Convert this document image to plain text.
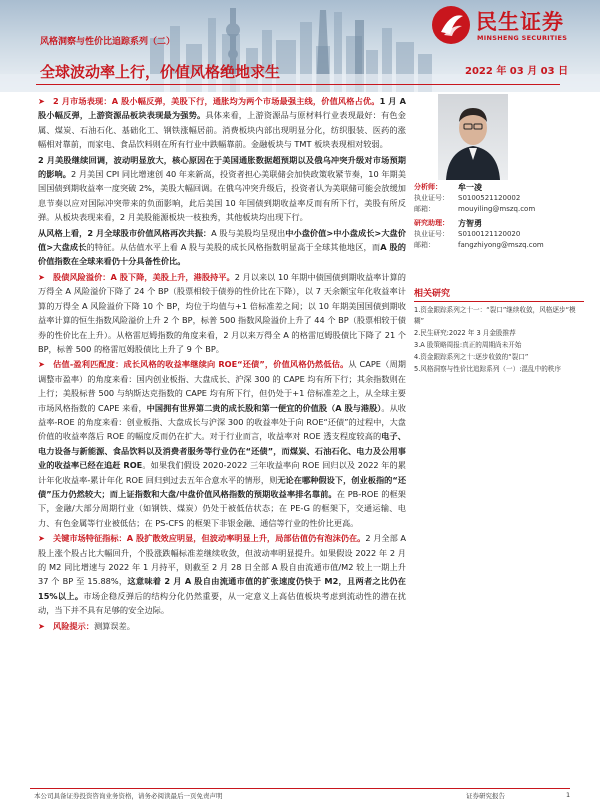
民生证券
MINSHENG SECURITIES
风格洞察与性价比追踪系列（二）
全球波动率上行，价值风格绝地求生	2022 年 03 月 03 日

➤ 2 月市场表现：A 股小幅反弹，美股下行，通胀均为两个市场最强主线，价值风格占优。1 月 A 股小幅反弹，上游资源品板块表现最为强势。具体来看，上游资源品与原材料行业表现最好：有色金属、煤炭、石油石化、基础化工、钢铁涨幅居前。消费板块内部出现明显分化，纺织服装、医药的涨幅相对靠前，而家电、食品饮料则在所有行业中跌幅靠前。金融板块与 TMT 板块表现相对较弱。

2 月美股继续回调，波动明显放大，核心原因在于美国通胀数据超预期以及俄乌冲突升级对市场预期的影响。2 月美国 CPI 同比增速创 40 年来新高，投资者担心美联储会加快政策收紧节奏，10 年期美国国债到期收益率一度突破 2%，美股大幅回调。在俄乌冲突升级后，投资者认为美联储可能会放缓加息节奏以应对国际冲突带来的负面影响，此后美国 10 年国债到期收益率反而有所下行，美股有所反弹。从板块表现来看，2 月美股能源板块一枝独秀，其他板块均出现下行。

从风格上看，2 月全球股市价值风格再次共振：A 股与美股均呈现出中小盘价值>中小盘成长>大盘价值>大盘成长的特征。从估值水平上看 A 股与美股的成长风格指数明显高于全球其他地区，而A 股的价值指数在全球来看仍十分具备性价比。

➤ 股债风险溢价：A 股下降，美股上升，港股持平。2 月以来以 10 年期中债国债到期收益率计算的万得全 A 风险溢价下降了 24 个 BP（股票相较于债券的性价比在下降），以 7 天余额宝年化收益率计算的万得全 A 风险溢价下降 10 个 BP，均位于均值与+1 倍标准差之间；以 10 年期美国国债到期收益率计算的恒生指数风险溢价上升 2 个 BP，标普 500 指数风险溢价上升了 44 个 BP（股票相较于债券的性价比在上升）。从格雷厄姆指数的角度来看，2 月以来万得全 A 的格雷厄姆股债比下降了 21 个 BP，标普 500 的格雷厄姆股债比上升了 9 个 BP。

➤ 估值-盈利匹配度：成长风格的收益率继续向 ROE“还债”，价值风格仍然低估。从 CAPE（周期调整市盈率）的角度来看：国内创业板指、大盘成长、沪深 300 的 CAPE 均有所下行；其余指数则在上行；美股标普 500 与纳斯达克指数的 CAPE 均有所下行，但仍处于+1 倍标准差之上，从全球主要市场风格指数的 CAPE 来看，中国拥有世界第二贵的成长股和第一便宜的价值股（A 股与港股）。从收益率-ROE 的角度来看：创业板指、大盘成长与沪深 300 的收益率处于向 ROE“还债”的过程中，大盘价值的收益率落后 ROE 的幅度反而仍在扩大。对于行业而言，收益率对 ROE 透支程度较高的电子、电力设备与新能源、食品饮料以及消费者服务等行业仍在“还债”，而煤炭、石油石化、电力及公用事业的收益率已经在追赶 ROE。如果我们假设 2020-2022 三年收益率向 ROE 回归以及 2022 年的累计年化收益率-累计年化 ROE 回归到过去五年合意水平的情形，则无论在哪种假设下，创业板指的“还债”压力仍然较大；而上证指数和大盘/中盘价值风格指数的预期收益率排名靠前。在 PB-ROE 的框架下，金融/大部分周期行业（如钢铁、煤炭）仍处于被低估状态；在 PE-G 的框架下，交通运输、电力、有色金属等行业被低估；在 PS-CFS 的框架下非银金融、通信等行业的性价比更高。

➤ 关键市场特征指标：A 股扩散效应明显，但波动率明显上升，局部估值仍有泡沫仍在。2 月全部 A 股上涨个股占比大幅回升，个股涨跌幅标准差继续收敛，但波动率明显提升。如果假设 2022 年 2 月的 M2 同比增速与 2022 年 1 月持平，则截至 2 月 28 日全部 A 股自由流通市值/M2 较上一期上升 37 个 BP 至 15.88%，这意味着 2 月 A 股自由流通市值的扩张速度仍快于 M2，且两者之比仍在 15%以上。市场企稳反弹后的结构分化仍然重要，从一定意义上高估值板块考虑到流动性的潜在扰动，当下并不具有足够的安全边际。

➤ 风险提示：测算误差。

分析师：	牟一凌
执业证号：	S0100521120002
邮箱：	mouyiling@mszq.com
研究助理：	方智勇
执业证号：	S0100121120020
邮箱：	fangzhiyong@mszq.com
相关研究
1.资金跟踪系列之十一：“裂口”继续收敛，风格逐步“模糊”
2.民生研究:2022 年 3 月金股推荐
3.A 股策略周报:真正的周期尚未开始
4.资金跟踪系列之十:逐步收敛的“裂口”
5.风格洞察与性价比追踪系列（一）:混乱中的秩序
本公司具备证券投资咨询业务资格，请务必阅读最后一页免责声明	证券研究报告	1
